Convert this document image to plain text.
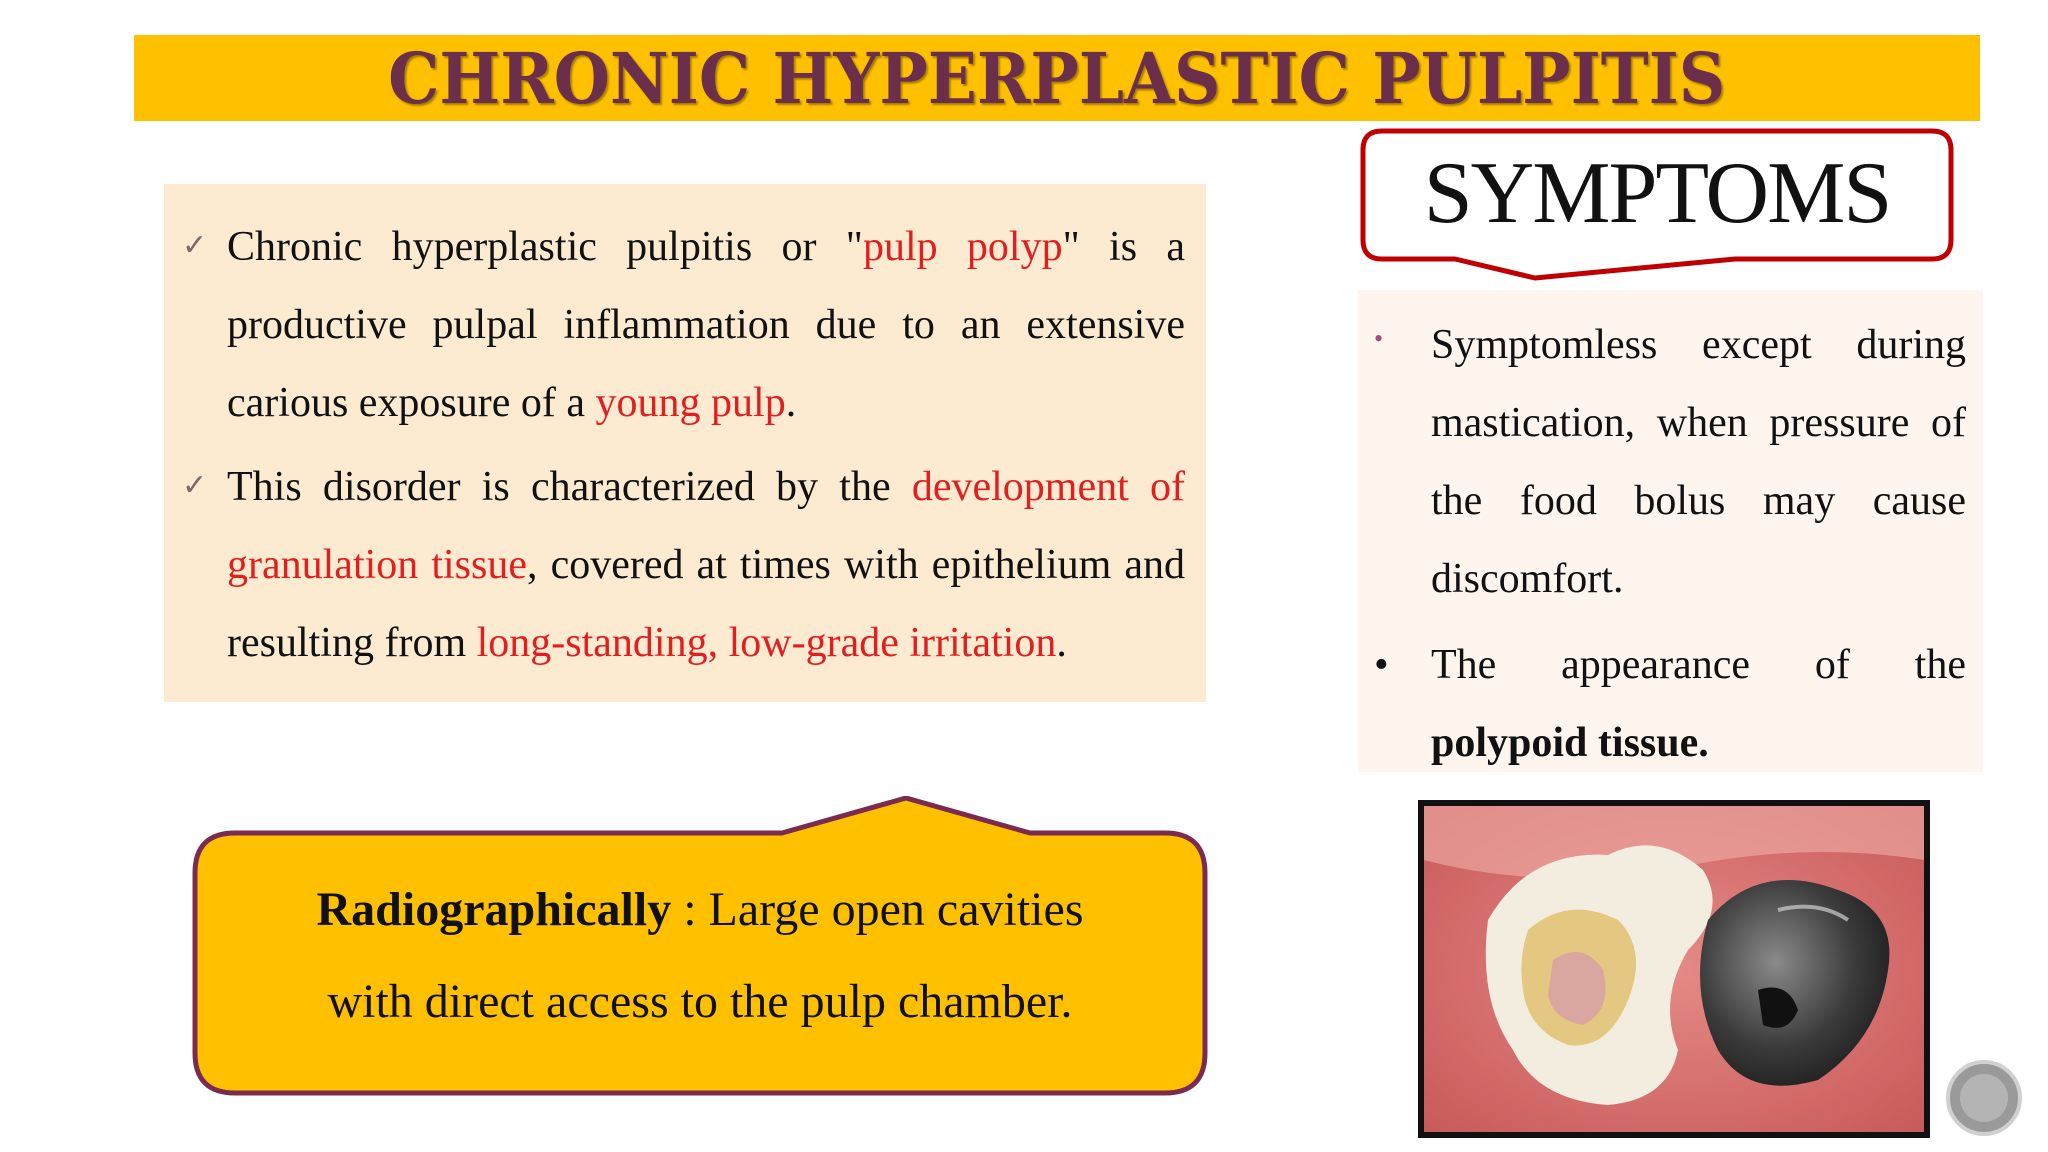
CHRONIC HYPERPLASTIC PULPITIS
✓ Chronic hyperplastic pulpitis or "pulp polyp" is a productive pulpal inflammation due to an extensive carious exposure of a young pulp.
✓ This disorder is characterized by the development of granulation tissue, covered at times with epithelium and resulting from long-standing, low-grade irritation.
SYMPTOMS
• Symptomless except during mastication, when pressure of the food bolus may cause discomfort.
• The appearance of the polypoid tissue.
Radiographically : Large open cavities
with direct access to the pulp chamber.
